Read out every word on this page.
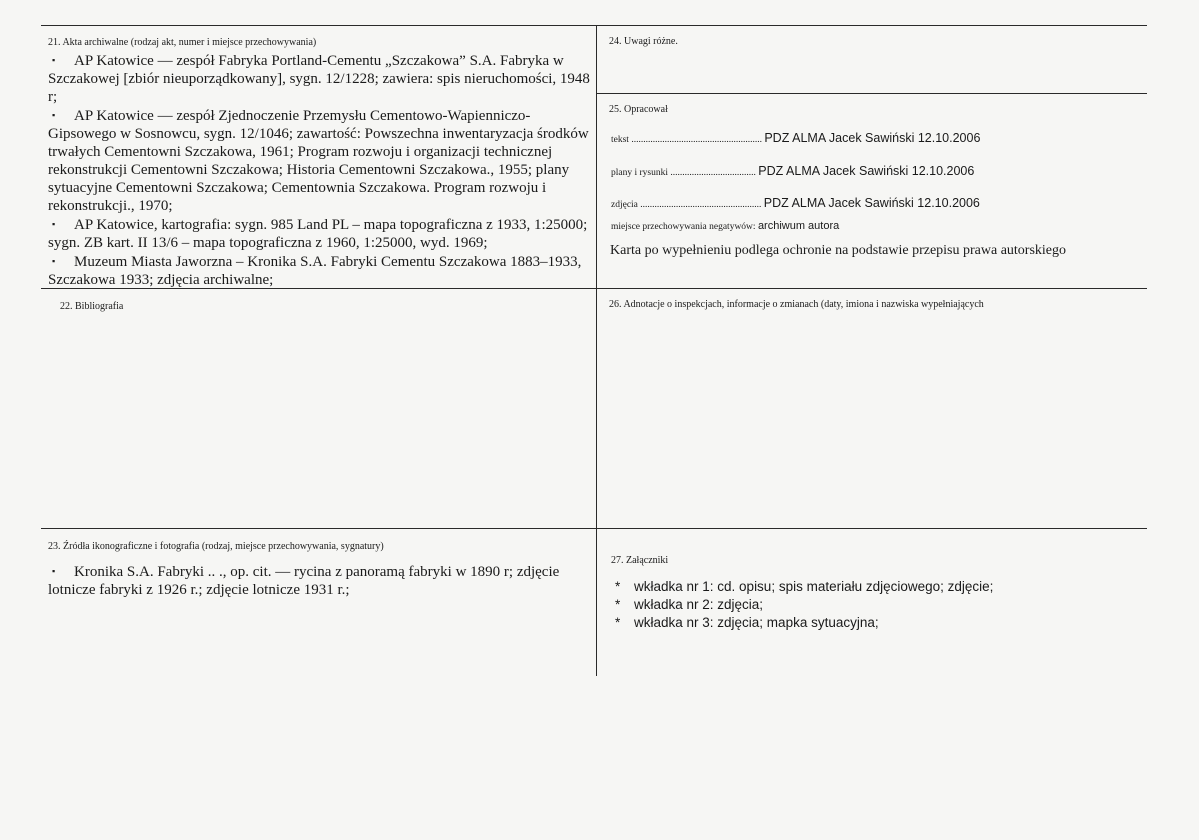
21. Akta archiwalne (rodzaj akt, numer i miejsce przechowywania)

▪ AP Katowice — zespół Fabryka Portland-Cementu „Szczakowa” S.A. Fabryka w Szczakowej [zbiór nieuporządkowany], sygn. 12/1228; zawiera: spis nieruchomości, 1948 r;

▪ AP Katowice — zespół Zjednoczenie Przemysłu Cementowo-Wapienniczo-Gipsowego w Sosnowcu, sygn. 12/1046; zawartość: Powszechna inwentaryzacja środków trwałych Cementowni Szczakowa, 1961; Program rozwoju i organizacji technicznej rekonstrukcji Cementowni Szczakowa; Historia Cementowni Szczakowa., 1955; plany sytuacyjne Cementowni Szczakowa; Cementownia Szczakowa. Program rozwoju i rekonstrukcji., 1970;

▪ AP Katowice, kartografia: sygn. 985 Land PL – mapa topograficzna z 1933, 1:25000; sygn. ZB kart. II 13/6 – mapa topograficzna z 1960, 1:25000, wyd. 1969;

▪ Muzeum Miasta Jaworzna – Kronika S.A. Fabryki Cementu Szczakowa 1883–1933, Szczakowa 1933; zdjęcia archiwalne;

22. Bibliografia
23. Źródła ikonograficzne i fotografia (rodzaj, miejsce przechowywania, sygnatury)

▪ Kronika S.A. Fabryki .. ., op. cit. — rycina z panoramą fabryki w 1890 r; zdjęcie lotnicze fabryki z 1926 r.; zdjęcie lotnicze 1931 r.;

24. Uwagi różne.
25. Opracował
tekst ....................................................... PDZ ALMA Jacek Sawiński 12.10.2006
plany i rysunki .................................... PDZ ALMA Jacek Sawiński 12.10.2006
zdjęcia ................................................... PDZ ALMA Jacek Sawiński 12.10.2006
miejsce przechowywania negatywów: archiwum autora
Karta po wypełnieniu podlega ochronie na podstawie przepisu prawa autorskiego
26. Adnotacje o inspekcjach, informacje o zmianach (daty, imiona i nazwiska wypełniających
27. Załączniki
* wkładka nr 1: cd. opisu; spis materiału zdjęciowego; zdjęcie;
* wkładka nr 2: zdjęcia;
* wkładka nr 3: zdjęcia; mapka sytuacyjna;
